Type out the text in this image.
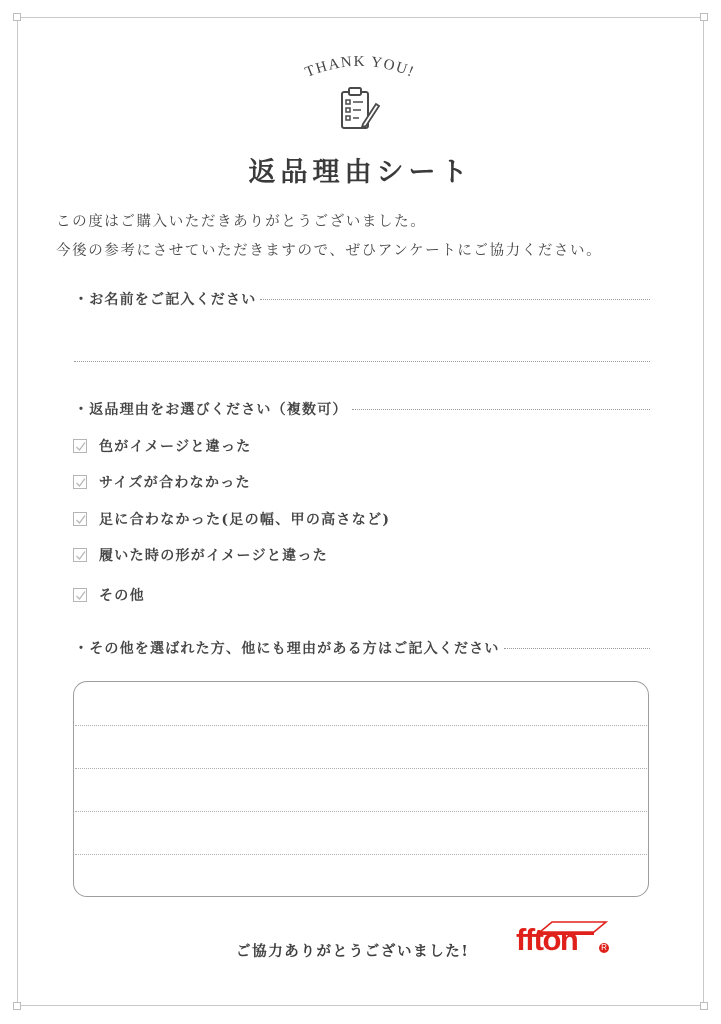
THANK YOU!
返品理由シート
この度はご購入いただきありがとうございました。
今後の参考にさせていただきますので、ぜひアンケートにご協力ください。
・お名前をご記入ください
・返品理由をお選びください（複数可）
色がイメージと違った
サイズが合わなかった
足に合わなかった(足の幅、甲の高さなど)
履いた時の形がイメージと違った
その他
・その他を選ばれた方、他にも理由がある方はご記入ください
ご協力ありがとうございました! ffton	R
